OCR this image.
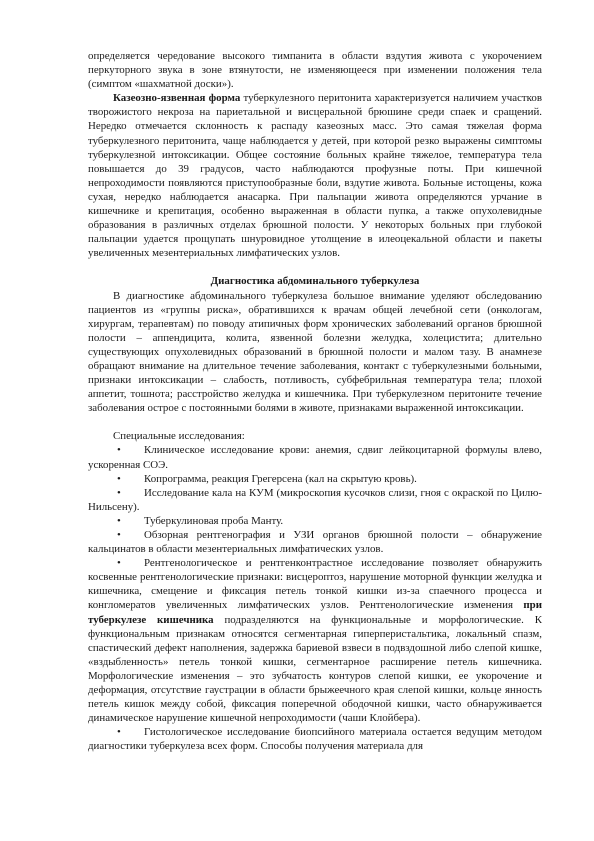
определяется чередование высокого тимпанита в области вздутия живота с укорочением перкуторного звука в зоне втянутости, не изменяющееся при изменении положения тела (симптом «шахматной доски»).

Казеозно-язвенная форма туберкулезного перитонита характеризуется наличием участков творожистого некроза на париетальной и висцеральной брюшине среди спаек и сращений. Нередко отмечается склонность к распаду казеозных масс. Это самая тяжелая форма туберкулезного перитонита, чаще наблюдается у детей, при которой резко выражены симптомы туберкулезной интоксикации. Общее состояние больных крайне тяжелое, температура тела повышается до 39 градусов, часто наблюдаются профузные поты. При кишечной непроходимости появляются приступообразные боли, вздутие живота. Больные истощены, кожа сухая, нередко наблюдается анасарка. При пальпации живота определяются урчание в кишечнике и крепитация, особенно выраженная в области пупка, а также опухолевидные образования в различных отделах брюшной полости. У некоторых больных при глубокой пальпации удается прощупать шнуровидное утолщение в илеоцекальной области и пакеты увеличенных мезентериальных лимфатических узлов.

Диагностика абдоминального туберкулеза

В диагностике абдоминального туберкулеза большое внимание уделяют обследованию пациентов из «группы риска», обратившихся к врачам общей лечебной сети (онкологам, хирургам, терапевтам) по поводу атипичных форм хронических заболеваний органов брюшной полости – аппендицита, колита, язвенной болезни желудка, холецистита; длительно существующих опухолевидных образований в брюшной полости и малом тазу. В анамнезе обращают внимание на длительное течение заболевания, контакт с туберкулезными больными, признаки интоксикации – слабость, потливость, субфебрильная температура тела; плохой аппетит, тошнота; расстройство желудка и кишечника. При туберкулезном перитоните течение заболевания острое с постоянными болями в животе, признаками выраженной интоксикации.

Специальные исследования:

• Клиническое исследование крови: анемия, сдвиг лейкоцитарной формулы влево, ускоренная СОЭ.

• Копрограмма, реакция Грегерсена (кал на скрытую кровь).

• Исследование кала на КУМ (микроскопия кусочков слизи, гноя с окраской по Цилю-Нильсену).

• Туберкулиновая проба Манту.

• Обзорная рентгенография и УЗИ органов брюшной полости – обнаружение кальцинатов в области мезентериальных лимфатических узлов.

• Рентгенологическое и рентгенконтрастное исследование позволяет обнаружить косвенные рентгенологические признаки: висцероптоз, нарушение моторной функции желудка и кишечника, смещение и фиксация петель тонкой кишки из-за спаечного процесса и конгломератов увеличенных лимфатических узлов. Рентгенологические изменения при туберкулезе кишечника подразделяются на функциональные и морфологические. К функциональным признакам относятся сегментарная гиперперистальтика, локальный спазм, спастический дефект наполнения, задержка бариевой взвеси в подвздошной либо слепой кишке, «вздыбленность» петель тонкой кишки, сегментарное расширение петель кишечника. Морфологические изменения – это зубчатость контуров слепой кишки, ее укорочение и деформация, отсутствие гаустрации в области брыжеечного края слепой кишки, кольце янность петель кишок между собой, фиксация поперечной ободочной кишки, часто обнаруживается динамическое нарушение кишечной непроходимости (чаши Клойбера).

• Гистологическое исследование биопсийного материала остается ведущим методом диагностики туберкулеза всех форм. Способы получения материала для
